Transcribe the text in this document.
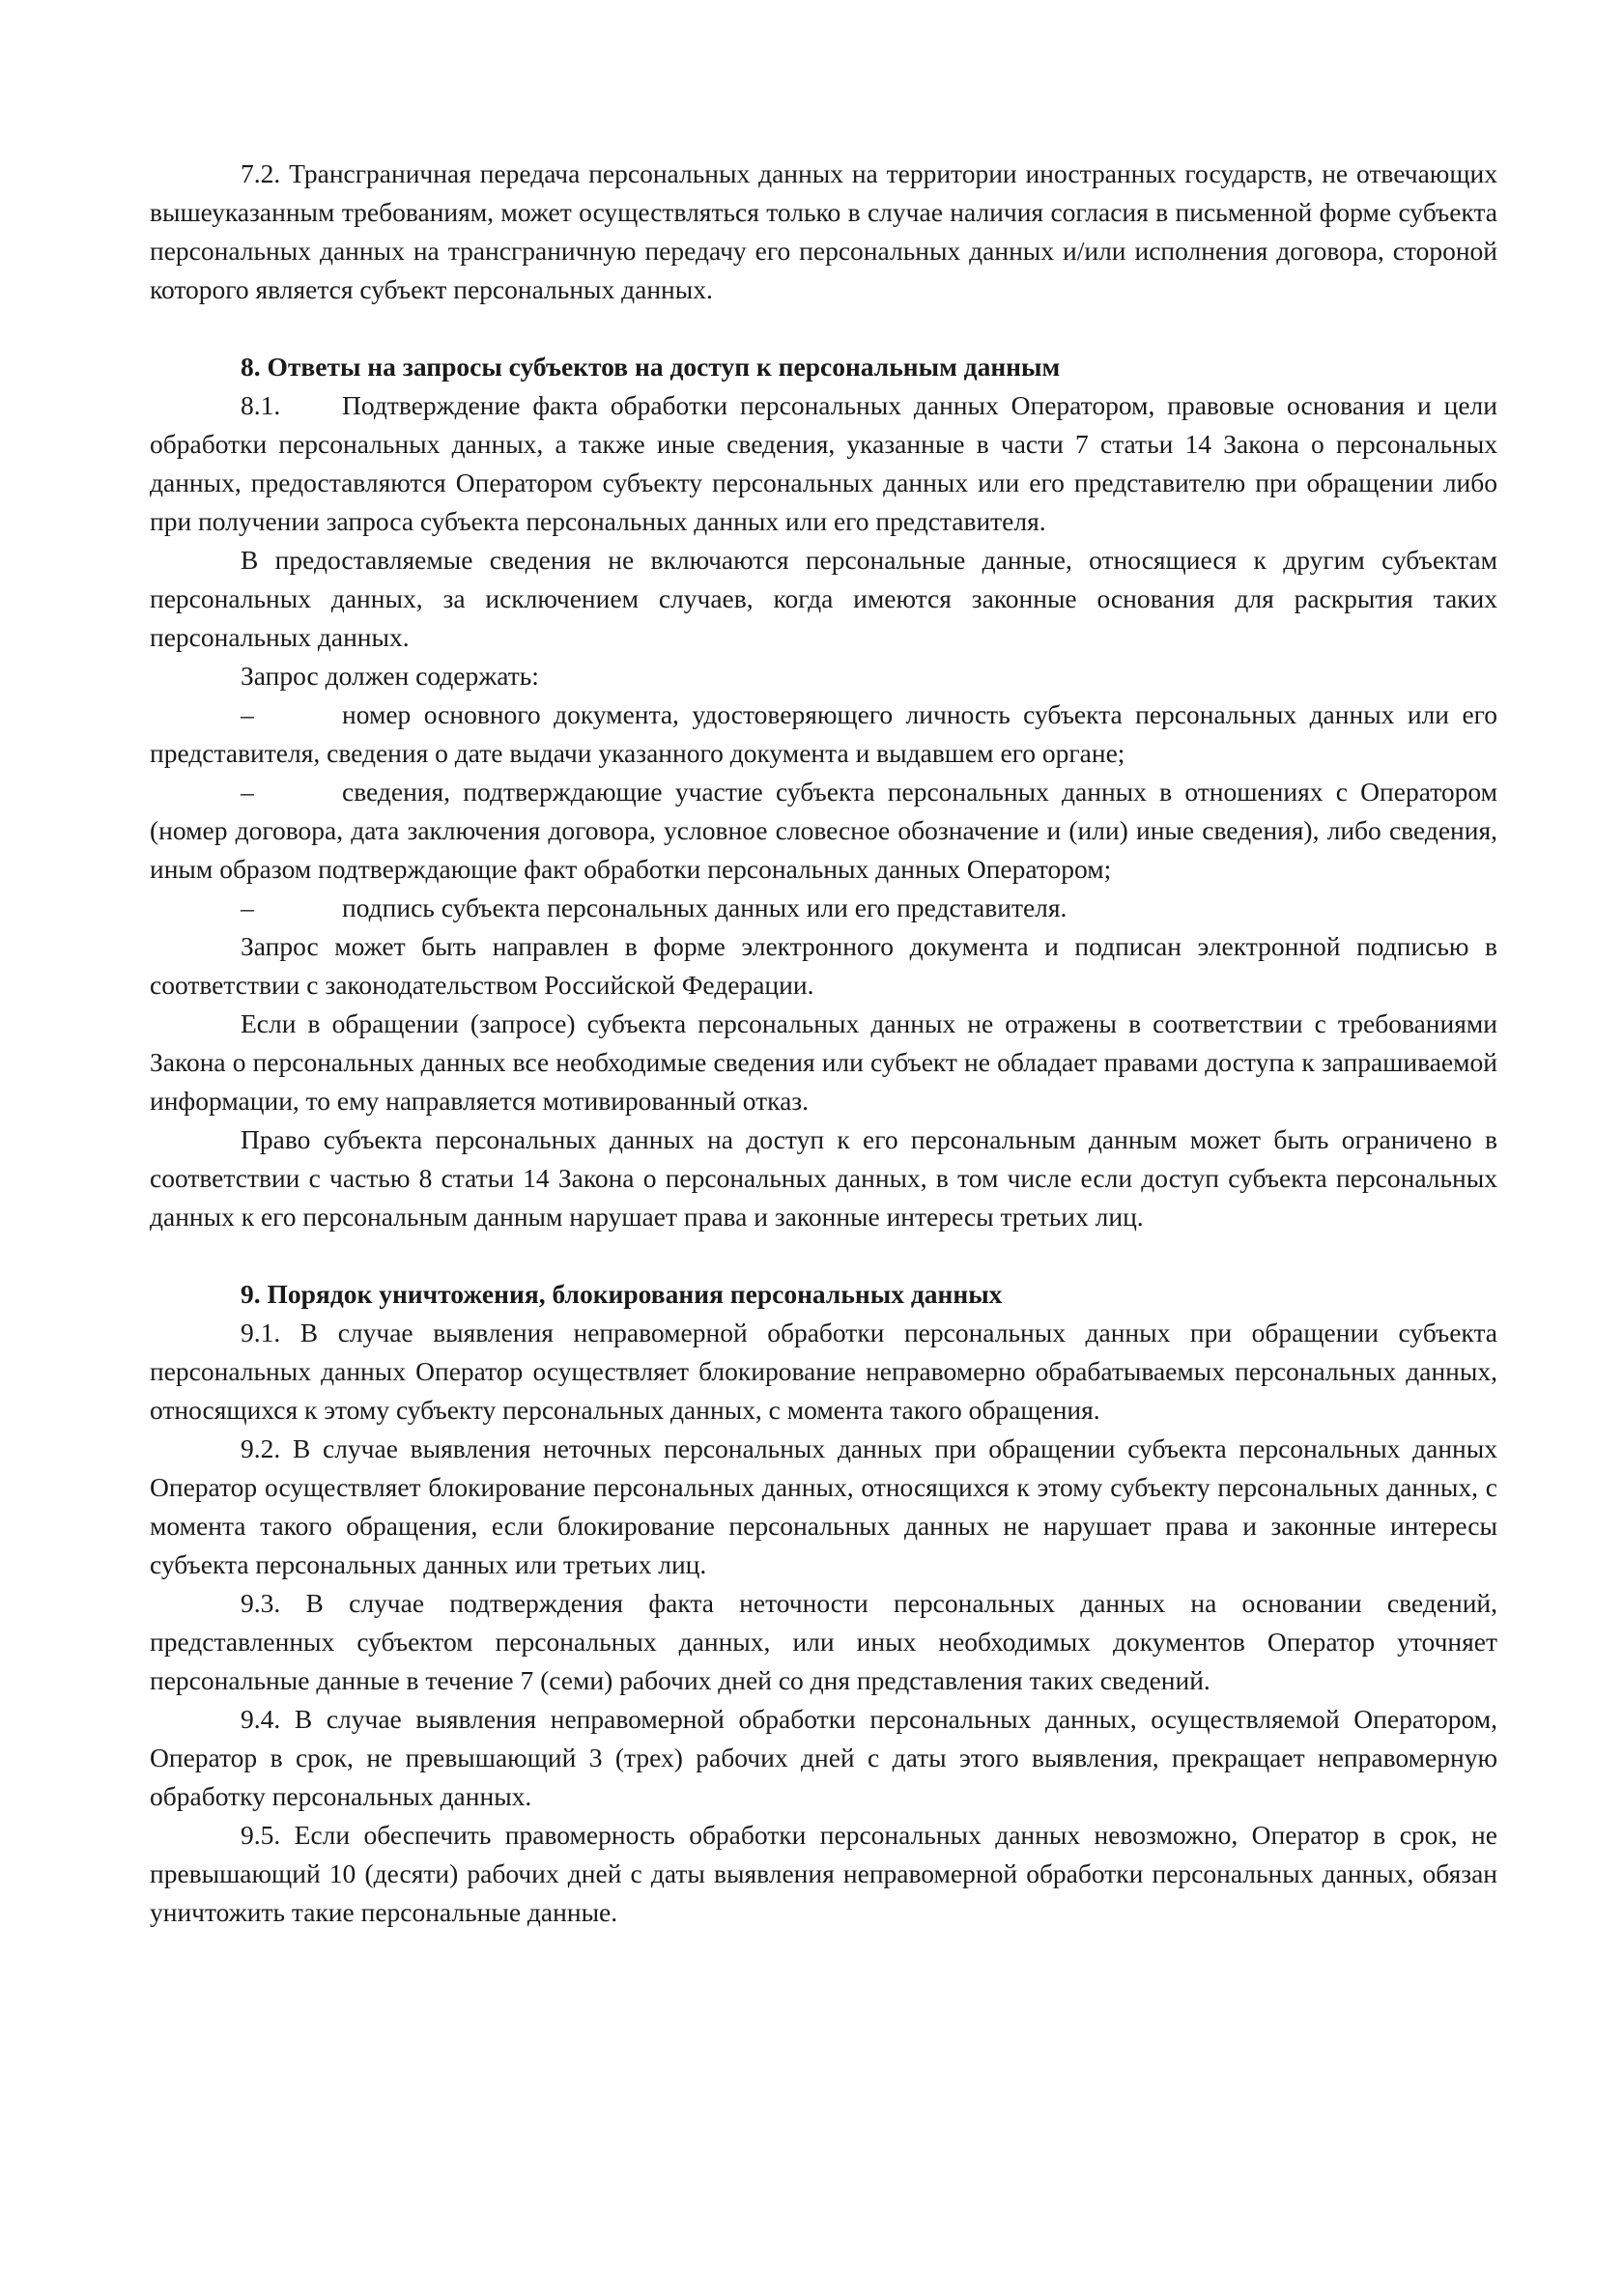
7.2. Трансграничная передача персональных данных на территории иностранных государств, не отвечающих вышеуказанным требованиям, может осуществляться только в случае наличия согласия в письменной форме субъекта персональных данных на трансграничную передачу его персональных данных и/или исполнения договора, стороной которого является субъект персональных данных.

8. Ответы на запросы субъектов на доступ к персональным данным

8.1. Подтверждение факта обработки персональных данных Оператором, правовые основания и цели обработки персональных данных, а также иные сведения, указанные в части 7 статьи 14 Закона о персональных данных, предоставляются Оператором субъекту персональных данных или его представителю при обращении либо при получении запроса субъекта персональных данных или его представителя.

В предоставляемые сведения не включаются персональные данные, относящиеся к другим субъектам персональных данных, за исключением случаев, когда имеются законные основания для раскрытия таких персональных данных.

Запрос должен содержать:

–	номер основного документа, удостоверяющего личность субъекта персональных данных или его представителя, сведения о дате выдачи указанного документа и выдавшем его органе;

–	сведения, подтверждающие участие субъекта персональных данных в отношениях с Оператором (номер договора, дата заключения договора, условное словесное обозначение и (или) иные сведения), либо сведения, иным образом подтверждающие факт обработки персональных данных Оператором;

–	подпись субъекта персональных данных или его представителя.

Запрос может быть направлен в форме электронного документа и подписан электронной подписью в соответствии с законодательством Российской Федерации.

Если в обращении (запросе) субъекта персональных данных не отражены в соответствии с требованиями Закона о персональных данных все необходимые сведения или субъект не обладает правами доступа к запрашиваемой информации, то ему направляется мотивированный отказ.

Право субъекта персональных данных на доступ к его персональным данным может быть ограничено в соответствии с частью 8 статьи 14 Закона о персональных данных, в том числе если доступ субъекта персональных данных к его персональным данным нарушает права и законные интересы третьих лиц.

9. Порядок уничтожения, блокирования персональных данных

9.1. В случае выявления неправомерной обработки персональных данных при обращении субъекта персональных данных Оператор осуществляет блокирование неправомерно обрабатываемых персональных данных, относящихся к этому субъекту персональных данных, с момента такого обращения.

9.2. В случае выявления неточных персональных данных при обращении субъекта персональных данных Оператор осуществляет блокирование персональных данных, относящихся к этому субъекту персональных данных, с момента такого обращения, если блокирование персональных данных не нарушает права и законные интересы субъекта персональных данных или третьих лиц.

9.3. В случае подтверждения факта неточности персональных данных на основании сведений, представленных субъектом персональных данных, или иных необходимых документов Оператор уточняет персональные данные в течение 7 (семи) рабочих дней со дня представления таких сведений.

9.4. В случае выявления неправомерной обработки персональных данных, осуществляемой Оператором, Оператор в срок, не превышающий 3 (трех) рабочих дней с даты этого выявления, прекращает неправомерную обработку персональных данных.

9.5. Если обеспечить правомерность обработки персональных данных невозможно, Оператор в срок, не превышающий 10 (десяти) рабочих дней с даты выявления неправомерной обработки персональных данных, обязан уничтожить такие персональные данные.
